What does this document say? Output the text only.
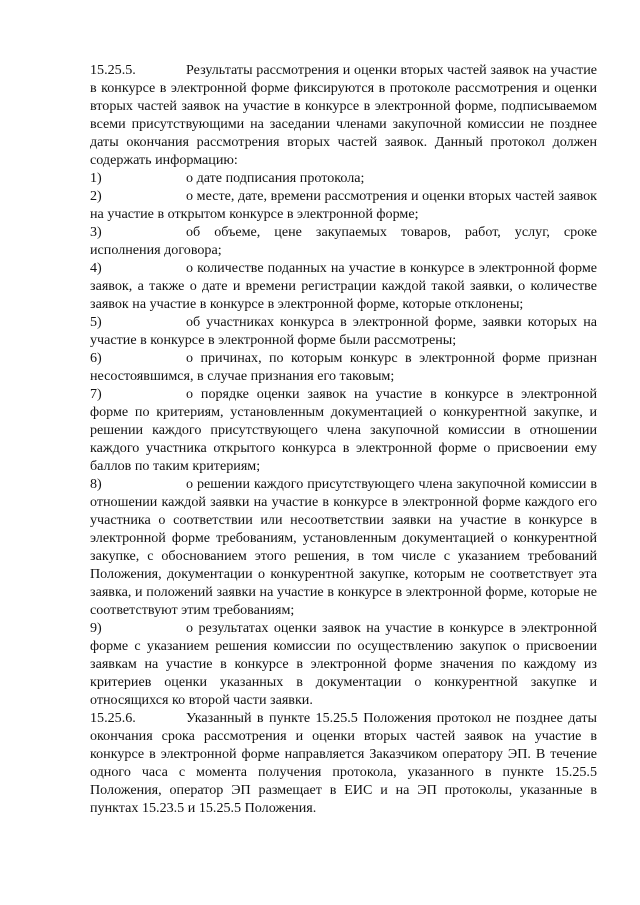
15.25.5.	Результаты рассмотрения и оценки вторых частей заявок на участие в конкурсе в электронной форме фиксируются в протоколе рассмотрения и оценки вторых частей заявок на участие в конкурсе в электронной форме, подписываемом всеми присутствующими на заседании членами закупочной комиссии не позднее даты окончания рассмотрения вторых частей заявок. Данный протокол должен содержать информацию:

1)	о дате подписания протокола;

2)	о месте, дате, времени рассмотрения и оценки вторых частей заявок на участие в открытом конкурсе в электронной форме;

3)	об объеме, цене закупаемых товаров, работ, услуг, сроке исполнения договора;

4)	о количестве поданных на участие в конкурсе в электронной форме заявок, а также о дате и времени регистрации каждой такой заявки, о количестве заявок на участие в конкурсе в электронной форме, которые отклонены;

5)	об участниках конкурса в электронной форме, заявки которых на участие в конкурсе в электронной форме были рассмотрены;

6)	о причинах, по которым конкурс в электронной форме признан несостоявшимся, в случае признания его таковым;

7)	о порядке оценки заявок на участие в конкурсе в электронной форме по критериям, установленным документацией о конкурентной закупке, и решении каждого присутствующего члена закупочной комиссии в отношении каждого участника открытого конкурса в электронной форме о присвоении ему баллов по таким критериям;

8)	о решении каждого присутствующего члена закупочной комиссии в отношении каждой заявки на участие в конкурсе в электронной форме каждого его участника о соответствии или несоответствии заявки на участие в конкурсе в электронной форме требованиям, установленным документацией о конкурентной закупке, с обоснованием этого решения, в том числе с указанием требований Положения, документации о конкурентной закупке, которым не соответствует эта заявка, и положений заявки на участие в конкурсе в электронной форме, которые не соответствуют этим требованиям;

9)	о результатах оценки заявок на участие в конкурсе в электронной форме с указанием решения комиссии по осуществлению закупок о присвоении заявкам на участие в конкурсе в электронной форме значения по каждому из критериев оценки указанных в документации о конкурентной закупке и относящихся ко второй части заявки.

15.25.6.	Указанный в пункте 15.25.5 Положения протокол не позднее даты окончания срока рассмотрения и оценки вторых частей заявок на участие в конкурсе в электронной форме направляется Заказчиком оператору ЭП. В течение одного часа с момента получения протокола, указанного в пункте 15.25.5 Положения, оператор ЭП размещает в ЕИС и на ЭП протоколы, указанные в пунктах 15.23.5 и 15.25.5 Положения.
